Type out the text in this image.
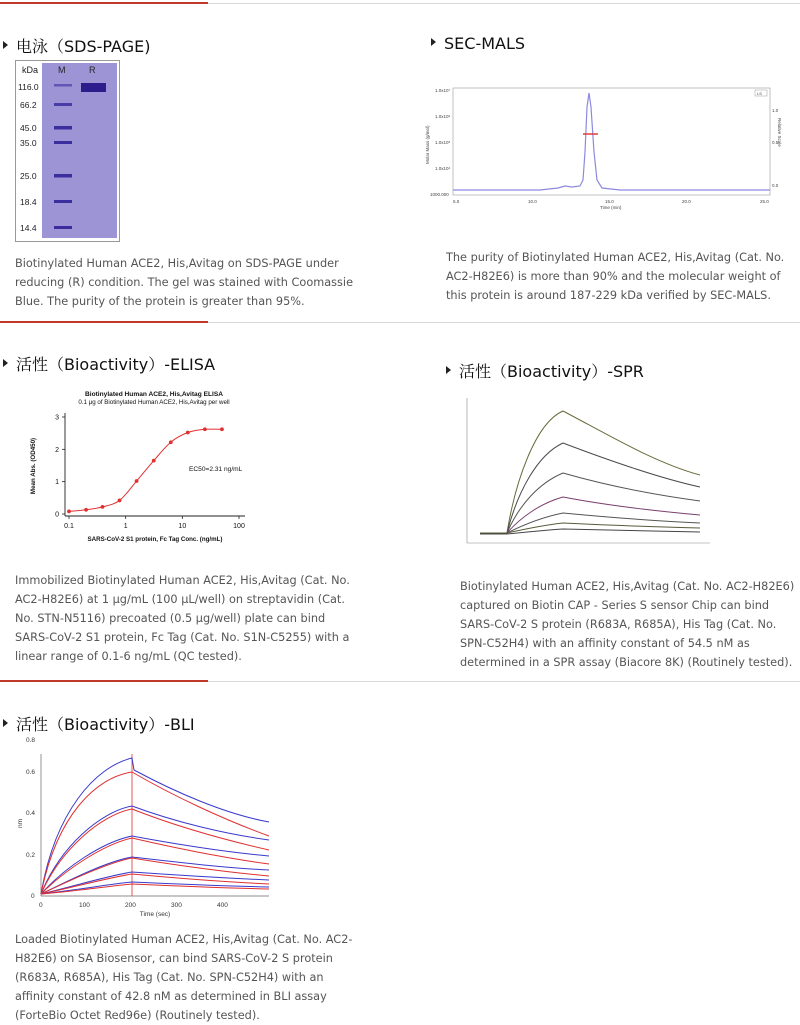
电泳（SDS-PAGE)
kDa M	R
116.0
66.2
45.0
35.0
25.0
18.4
14.4

Biotinylated Human ACE2, His,Avitag on SDS-PAGE under

reducing (R) condition. The gel was stained with Coomassie

Blue. The purity of the protein is greater than 95%.

SEC-MALS
LS
1.0x10⁷
1.0x10⁶
1.0x10⁵
1.0x10⁴
1000.000
5.0	10.0	15.0	20.0	25.0
1.0
0.5
0.0
Time (min)
Molar Mass (g/mol)	Relative Scale

The purity of Biotinylated Human ACE2, His,Avitag (Cat. No.

AC2-H82E6) is more than 90% and the molecular weight of

this protein is around 187-229 kDa verified by SEC-MALS.

活性（Bioactivity）-ELISA
Biotinylated Human ACE2, His,Avitag ELISA
0.1 μg of Biotinylated Human ACE2, His,Avitag per well
0
1
2
3
0.1	1	10	100
EC50=2.31 ng/mL
SARS-CoV-2 S1 protein, Fc Tag Conc. (ng/mL)
Mean Abs. (OD450)

Immobilized Biotinylated Human ACE2, His,Avitag (Cat. No.

AC2-H82E6) at 1 μg/mL (100 μL/well) on streptavidin (Cat.

No. STN-N5116) precoated (0.5 μg/well) plate can bind

SARS-CoV-2 S1 protein, Fc Tag (Cat. No. S1N-C5255) with a

linear range of 0.1-6 ng/mL (QC tested).

活性（Bioactivity）-SPR

Biotinylated Human ACE2, His,Avitag (Cat. No. AC2-H82E6)

captured on Biotin CAP - Series S sensor Chip can bind

SARS-CoV-2 S protein (R683A, R685A), His Tag (Cat. No.

SPN-C52H4) with an affinity constant of 54.5 nM as

determined in a SPR assay (Biacore 8K) (Routinely tested).

活性（Bioactivity）-BLI
0
0.2
0.4
0.6
0.8
0	100	200	300	400
Time (sec)
nm

Loaded Biotinylated Human ACE2, His,Avitag (Cat. No. AC2-

H82E6) on SA Biosensor, can bind SARS-CoV-2 S protein

(R683A, R685A), His Tag (Cat. No. SPN-C52H4) with an

affinity constant of 42.8 nM as determined in BLI assay

(ForteBio Octet Red96e) (Routinely tested).
